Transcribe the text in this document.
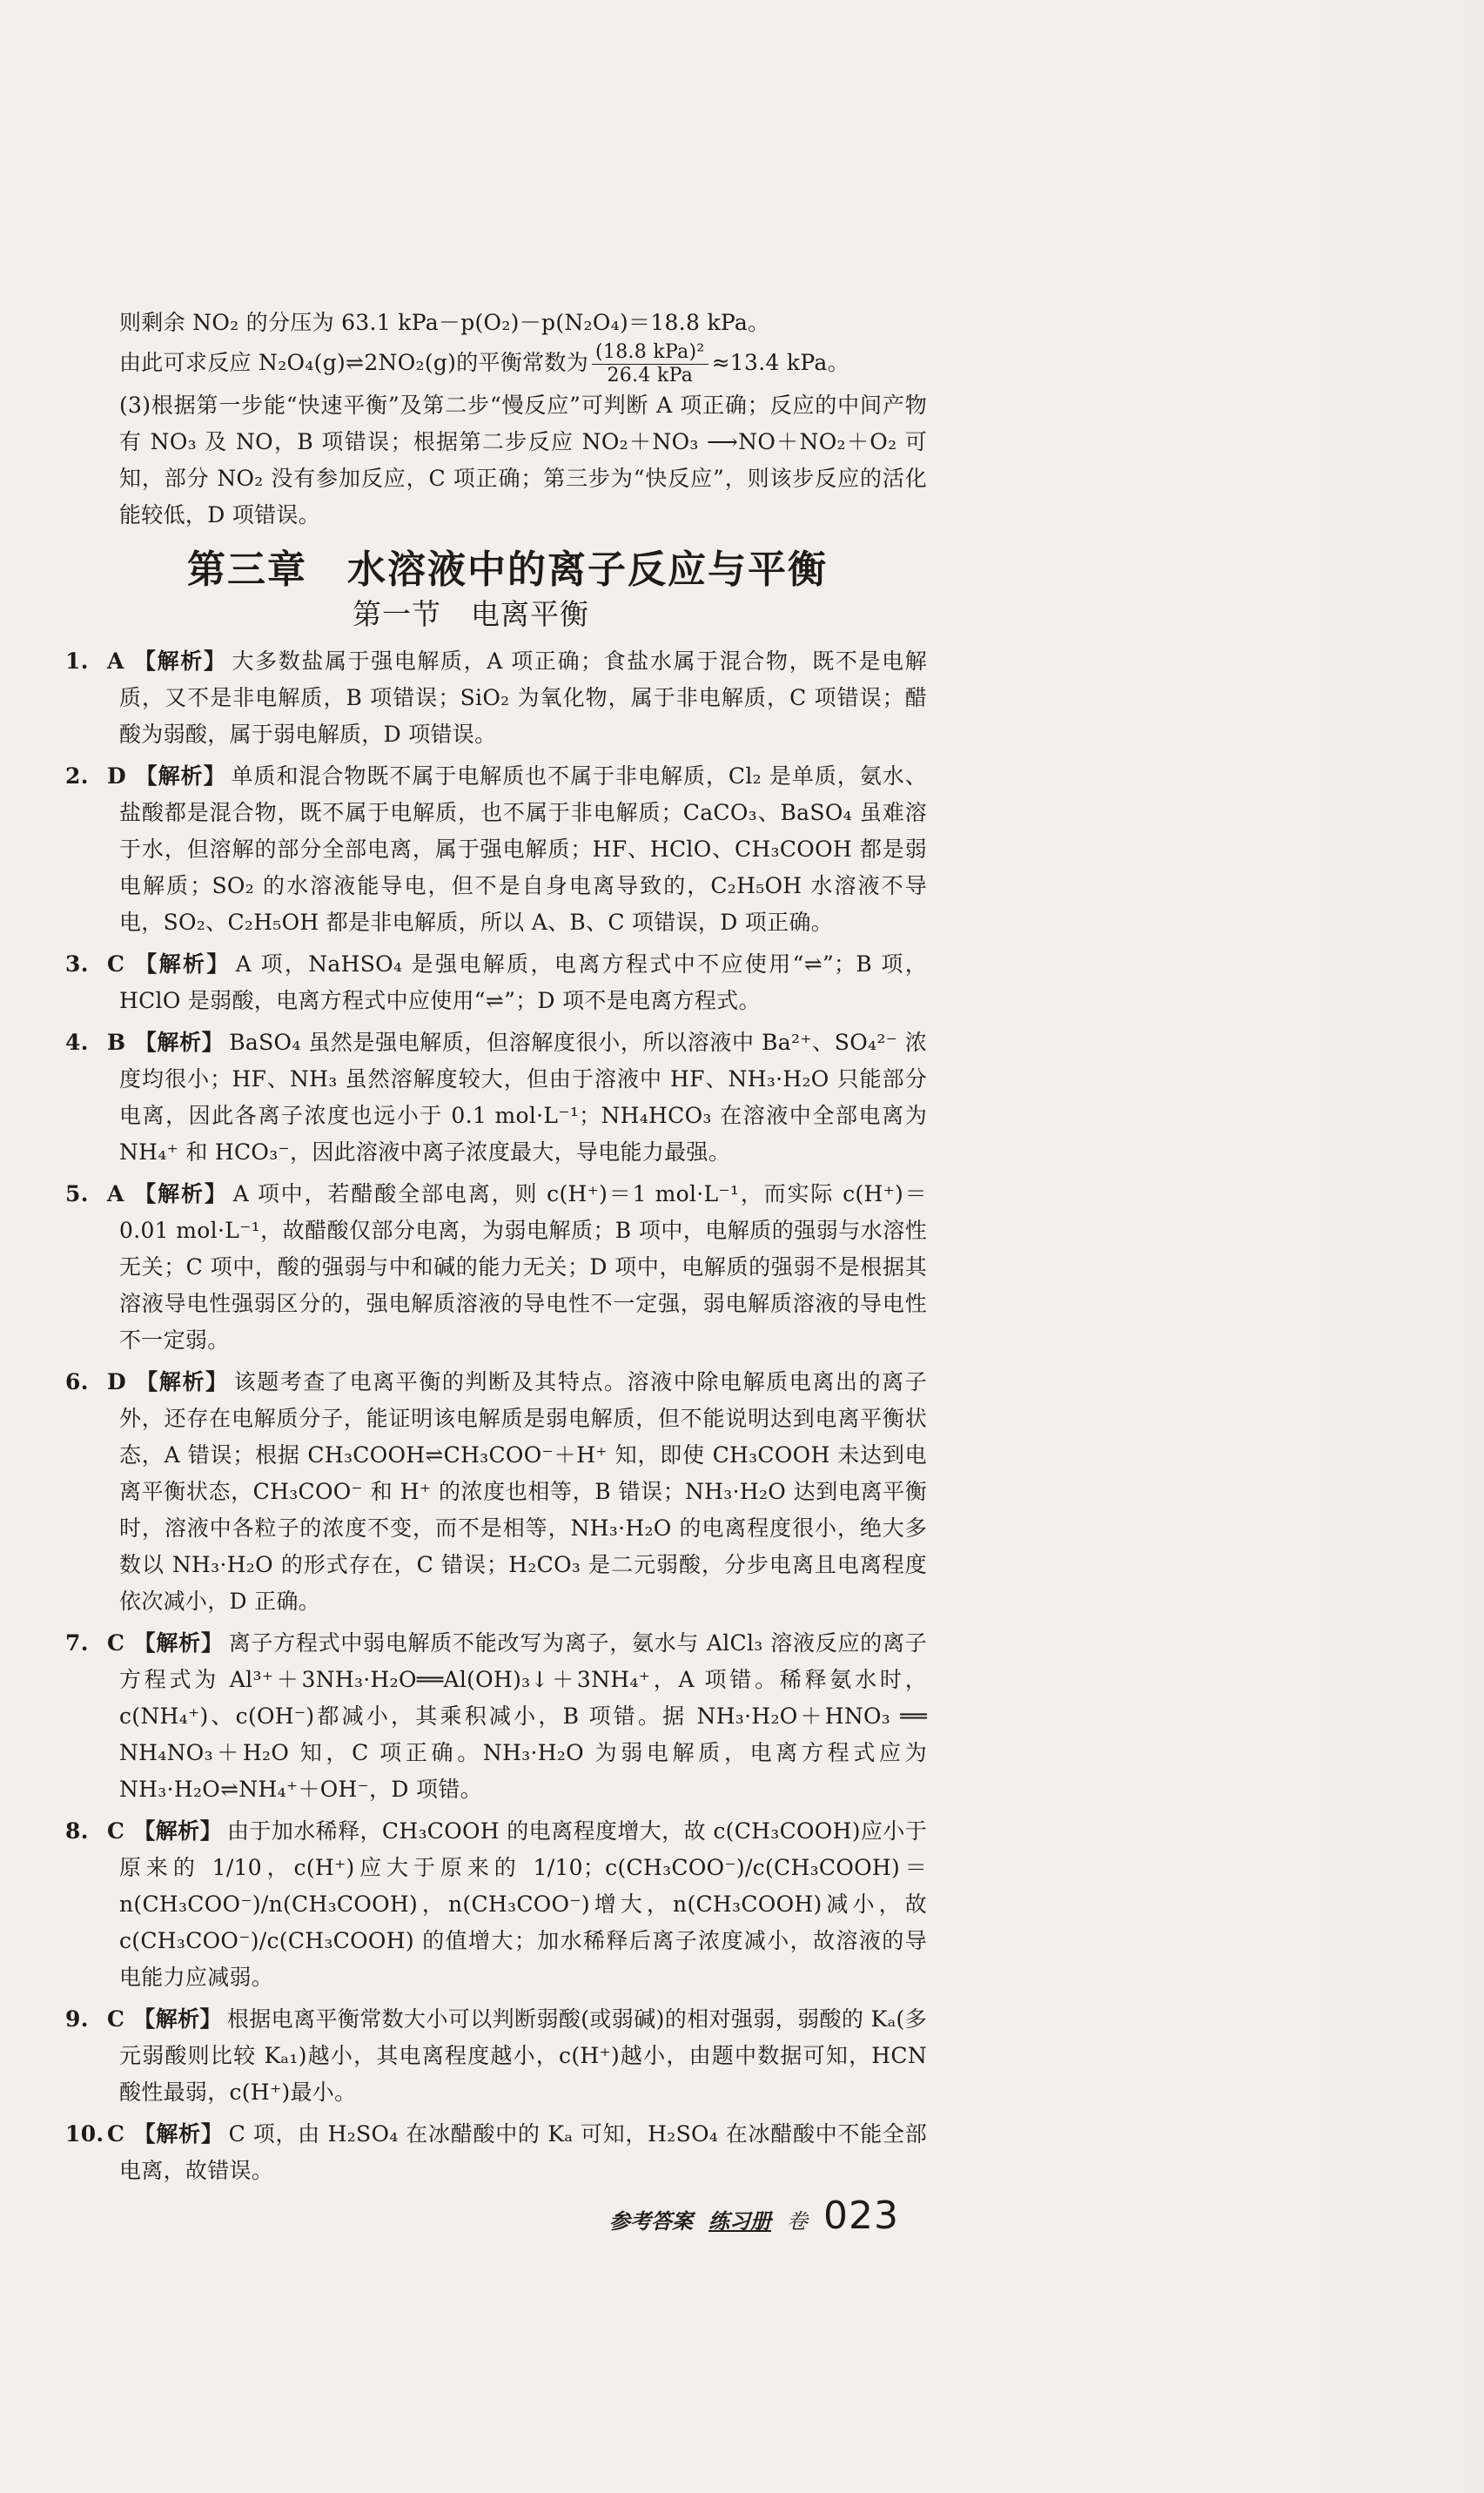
则剩余 NO₂ 的分压为 63.1 kPa－p(O₂)－p(N₂O₄)＝18.8 kPa。

由此可求反应 N₂O₄(g)⇌2NO₂(g)的平衡常数为 $\frac{\text{(18.8 kPa)²}}{\text{26.4 kPa}} \approx 13.4$ kPa。

(3)根据第一步能“快速平衡”及第二步“慢反应”可判断 A 项正确；反应的中间产物有 NO₃ 及 NO，B 项错误；根据第二步反应 NO₂＋NO₃ ⟶NO＋NO₂＋O₂ 可知，部分 NO₂ 没有参加反应，C 项正确；第三步为“快反应”，则该步反应的活化能较低，D 项错误。

第三章　水溶液中的离子反应与平衡
第一节　电离平衡
1. A 【解析】 大多数盐属于强电解质，A 项正确；食盐水属于混合物，既不是电解质，又不是非电解质，B 项错误；SiO₂ 为氧化物，属于非电解质，C 项错误；醋酸为弱酸，属于弱电解质，D 项错误。
2. D 【解析】 单质和混合物既不属于电解质也不属于非电解质，Cl₂ 是单质，氨水、盐酸都是混合物，既不属于电解质，也不属于非电解质；CaCO₃、BaSO₄ 虽难溶于水，但溶解的部分全部电离，属于强电解质；HF、HClO、CH₃COOH 都是弱电解质；SO₂ 的水溶液能导电，但不是自身电离导致的，C₂H₅OH 水溶液不导电，SO₂、C₂H₅OH 都是非电解质，所以 A、B、C 项错误，D 项正确。
3. C 【解析】 A 项，NaHSO₄ 是强电解质，电离方程式中不应使用“⇌”；B 项，HClO 是弱酸，电离方程式中应使用“⇌”；D 项不是电离方程式。
4. B 【解析】 BaSO₄ 虽然是强电解质，但溶解度很小，所以溶液中 Ba²⁺、SO₄²⁻ 浓度均很小；HF、NH₃ 虽然溶解度较大，但由于溶液中 HF、NH₃·H₂O 只能部分电离，因此各离子浓度也远小于 0.1 mol·L⁻¹；NH₄HCO₃ 在溶液中全部电离为 NH₄⁺ 和 HCO₃⁻，因此溶液中离子浓度最大，导电能力最强。
5. A 【解析】 A 项中，若醋酸全部电离，则 c(H⁺)＝1 mol·L⁻¹，而实际 c(H⁺)＝0.01 mol·L⁻¹，故醋酸仅部分电离，为弱电解质；B 项中，电解质的强弱与水溶性无关；C 项中，酸的强弱与中和碱的能力无关；D 项中，电解质的强弱不是根据其溶液导电性强弱区分的，强电解质溶液的导电性不一定强，弱电解质溶液的导电性不一定弱。
6. D 【解析】 该题考查了电离平衡的判断及其特点。溶液中除电解质电离出的离子外，还存在电解质分子，能证明该电解质是弱电解质，但不能说明达到电离平衡状态，A 错误；根据 CH₃COOH⇌CH₃COO⁻＋H⁺ 知，即使 CH₃COOH 未达到电离平衡状态，CH₃COO⁻ 和 H⁺ 的浓度也相等，B 错误；NH₃·H₂O 达到电离平衡时，溶液中各粒子的浓度不变，而不是相等，NH₃·H₂O 的电离程度很小，绝大多数以 NH₃·H₂O 的形式存在，C 错误；H₂CO₃ 是二元弱酸，分步电离且电离程度依次减小，D 正确。
7. C 【解析】 离子方程式中弱电解质不能改写为离子，氨水与 AlCl₃ 溶液反应的离子方程式为 Al³⁺＋3NH₃·H₂O══Al(OH)₃↓＋3NH₄⁺，A 项错。稀释氨水时，c(NH₄⁺)、c(OH⁻)都减小，其乘积减小，B 项错。据 NH₃·H₂O＋HNO₃ ══ NH₄NO₃＋H₂O 知，C 项正确。NH₃·H₂O 为弱电解质，电离方程式应为 NH₃·H₂O⇌NH₄⁺＋OH⁻，D 项错。
8. C 【解析】 由于加水稀释，CH₃COOH 的电离程度增大，故 c(CH₃COOH)应小于原来的 1/10，c(H⁺)应大于原来的 1/10；c(CH₃COO⁻)/c(CH₃COOH)＝n(CH₃COO⁻)/n(CH₃COOH)，n(CH₃COO⁻)增大，n(CH₃COOH)减小，故 c(CH₃COO⁻)/c(CH₃COOH) 的值增大；加水稀释后离子浓度减小，故溶液的导电能力应减弱。
9. C 【解析】 根据电离平衡常数大小可以判断弱酸(或弱碱)的相对强弱，弱酸的 Kₐ(多元弱酸则比较 Kₐ₁)越小，其电离程度越小，c(H⁺)越小，由题中数据可知，HCN 酸性最弱，c(H⁺)最小。
10. C 【解析】 C 项，由 H₂SO₄ 在冰醋酸中的 Kₐ 可知，H₂SO₄ 在冰醋酸中不能全部电离，故错误。
参考答案 练习册 卷 023
